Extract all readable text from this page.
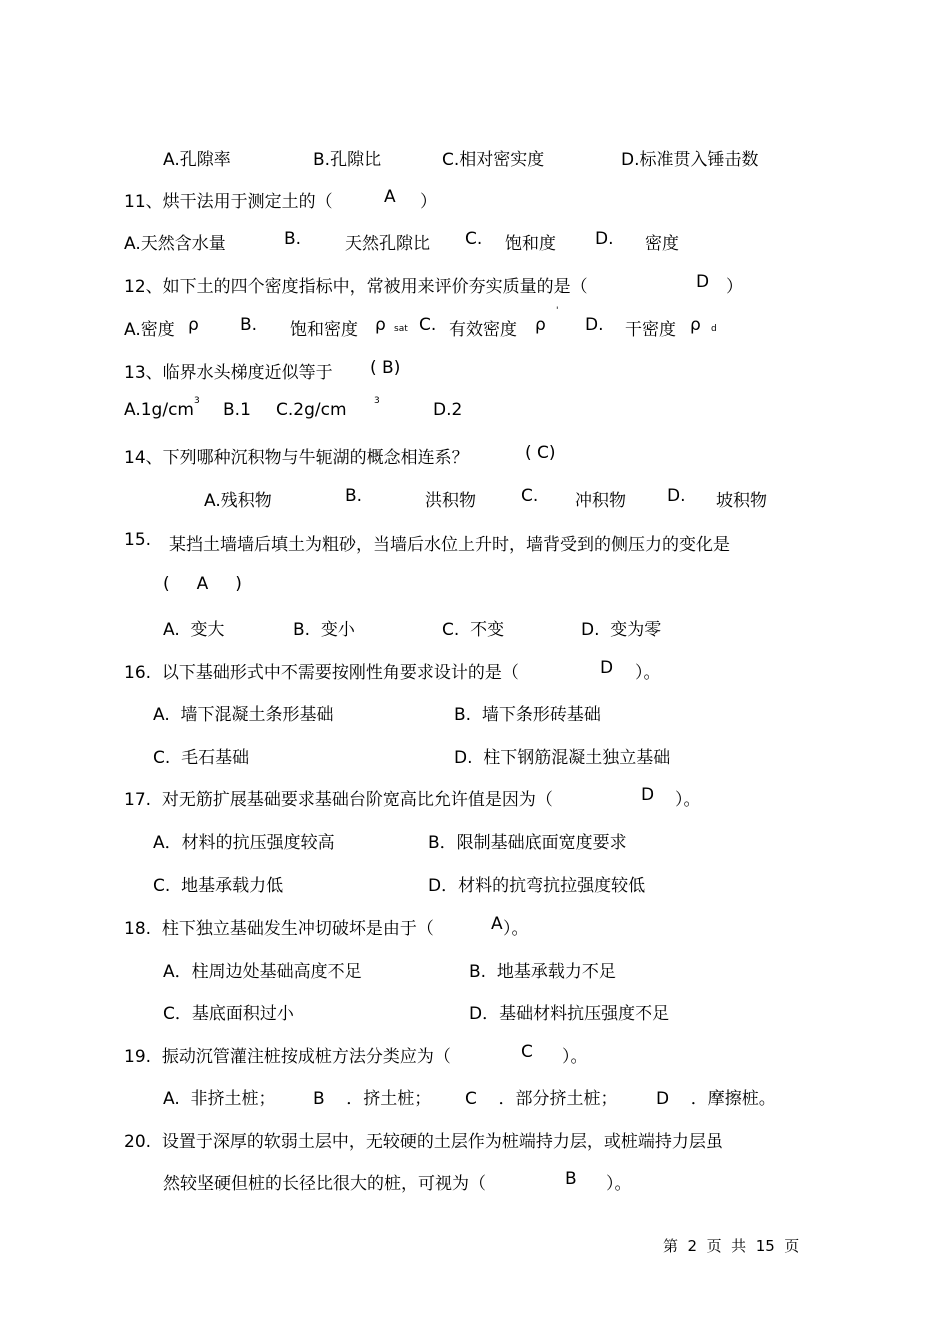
A.孔隙率	B.孔隙比	C.相对密实度	D.标准贯入锤击数
11、烘干法用于测定土的（	A ）
A.天然含水量	B.	天然孔隙比 C. 饱和度 D. 密度
12、如下土的四个密度指标中，常被用来评价夯实质量的是（	D ）
A.密度 ρ B. 饱和密度 ρ sat C. 有效密度 ρ
'
D. 干密度 ρ d
13、临界水头梯度近似等于 ( B)
A.1g/cm 3 B.1 C.2g/cm	3	D.2
14、下列哪种沉积物与牛轭湖的概念相连系？	( C)
A.残积物	B.	洪积物	C. 冲积物 D. 坡积物
15. 某挡土墙墙后填土为粗砂，当墙后水位上升时，墙背受到的侧压力的变化是
(     A     )
A.  变大	B.  变小	C.  不变	D.  变为零
16.  以下基础形式中不需要按刚性角要求设计的是（	D ）。
A.  墙下混凝土条形基础	B.  墙下条形砖基础
C.  毛石基础	D.  柱下钢筋混凝土独立基础
17.  对无筋扩展基础要求基础台阶宽高比允许值是因为（	D ）。
A．材料的抗压强度较高	B．限制基础底面宽度要求
C.  地基承载力低	D．材料的抗弯抗拉强度较低
18.  柱下独立基础发生冲切破坏是由于（	A ）。
A．柱周边处基础高度不足	B.  地基承载力不足
C．基底面积过小	D．基础材料抗压强度不足
19.  振动沉管灌注桩按成桩方法分类应为（	C ）。
A.  非挤土桩； B    ．挤土桩； C    ．部分挤土桩； D    ．摩擦桩。
20.  设置于深厚的软弱土层中，无较硬的土层作为桩端持力层，或桩端持力层虽
然较坚硬但桩的长径比很大的桩，可视为（	B ）。
第  2  页  共  15  页
